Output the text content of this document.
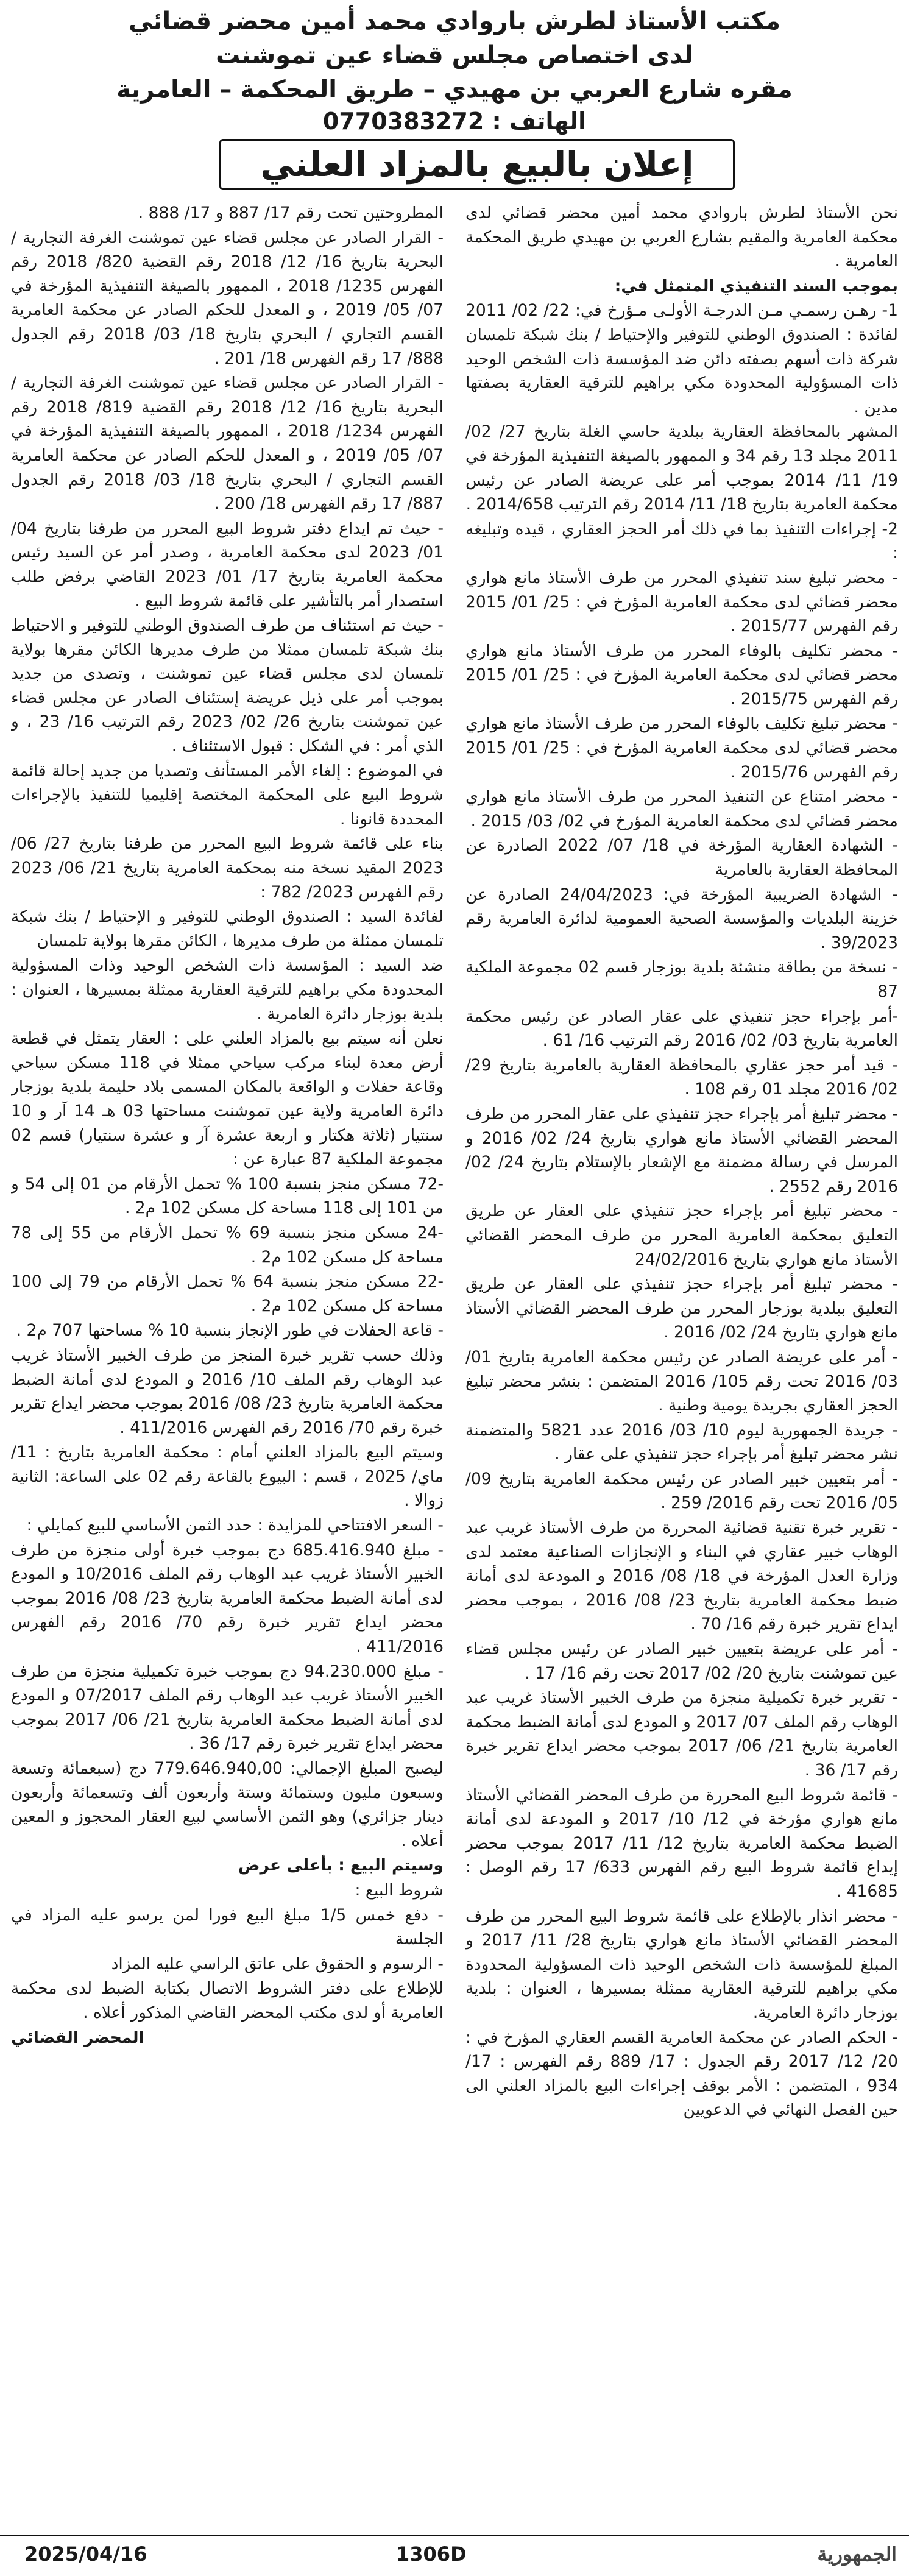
مكتب الأستاذ لطرش باروادي محمد أمين محضر قضائي
لدى اختصاص مجلس قضاء عين تموشنت
مقره شارع العربي بن مهيدي – طريق المحكمة – العامرية
الهاتف : 0770383272
إعلان بالبيع بالمزاد العلني

نحن الأستاذ لطرش باروادي محمد أمين محضر قضائي لدى محكمة العامرية والمقيم بشارع العربي بن مهيدي طريق المحكمة العامرية .

بموجب السند التنفيذي المتمثل في:

1- رهـن رسمـي مـن الدرجـة الأولـى مـؤرخ في: 22/ 02/ 2011 لفائدة : الصندوق الوطني للتوفير والإحتياط / بنك شبكة تلمسان شركة ذات أسهم بصفته دائن ضد المؤسسة ذات الشخص الوحيد ذات المسؤولية المحدودة مكي براهيم للترقية العقارية بصفتها مدين .

المشهر بالمحافظة العقارية ببلدية حاسي الغلة بتاريخ 27/ 02/ 2011 مجلد 13 رقم 34 و الممهور بالصيغة التنفيذية المؤرخة في 19/ 11/ 2014 بموجب أمر على عريضة الصادر عن رئيس محكمة العامرية بتاريخ 18/ 11/ 2014 رقم الترتيب 2014/658 .

2- إجراءات التنفيذ بما في ذلك أمر الحجز العقاري ، قيده وتبليغه :

- محضر تبليغ سند تنفيذي المحرر من طرف الأستاذ مانع هواري محضر قضائي لدى محكمة العامرية المؤرخ في : 25/ 01/ 2015 رقم الفهرس 2015/77 .

- محضر تكليف بالوفاء المحرر من طرف الأستاذ مانع هواري محضر قضائي لدى محكمة العامرية المؤرخ في : 25/ 01/ 2015 رقم الفهرس 2015/75 .

- محضر تبليغ تكليف بالوفاء المحرر من طرف الأستاذ مانع هواري محضر قضائي لدى محكمة العامرية المؤرخ في : 25/ 01/ 2015 رقم الفهرس 2015/76 .

- محضر امتناع عن التنفيذ المحرر من طرف الأستاذ مانع هواري محضر قضائي لدى محكمة العامرية المؤرخ في 02/ 03/ 2015 .

- الشهادة العقارية المؤرخة في 18/ 07/ 2022 الصادرة عن المحافظة العقارية بالعامرية

- الشهادة الضريبية المؤرخة في: 24/04/2023 الصادرة عن خزينة البلديات والمؤسسة الصحية العمومية لدائرة العامرية رقم 39/2023 .

- نسخة من بطاقة منشئة بلدية بوزجار قسم 02 مجموعة الملكية 87

-أمر بإجراء حجز تنفيذي على عقار الصادر عن رئيس محكمة العامرية بتاريخ 03/ 02/ 2016 رقم الترتيب 16/ 61 .

- قيد أمر حجز عقاري بالمحافظة العقارية بالعامرية بتاريخ 29/ 02/ 2016 مجلد 01 رقم 108 .

- محضر تبليغ أمر بإجراء حجز تنفيذي على عقار المحرر من طرف المحضر القضائي الأستاذ مانع هواري بتاريخ 24/ 02/ 2016 و المرسل في رسالة مضمنة مع الإشعار بالإستلام بتاريخ 24/ 02/ 2016 رقم 2552 .

- محضر تبليغ أمر بإجراء حجز تنفيذي على العقار عن طريق التعليق بمحكمة العامرية المحرر من طرف المحضر القضائي الأستاذ مانع هواري بتاريخ 24/02/2016

- محضر تبليغ أمر بإجراء حجز تنفيذي على العقار عن طريق التعليق ببلدية بوزجار المحرر من طرف المحضر القضائي الأستاذ مانع هواري بتاريخ 24/ 02/ 2016 .

- أمر على عريضة الصادر عن رئيس محكمة العامرية بتاريخ 01/ 03/ 2016 تحت رقم 105/ 2016 المتضمن : بنشر محضر تبليغ الحجز العقاري بجريدة يومية وطنية .

- جريدة الجمهورية ليوم 10/ 03/ 2016 عدد 5821 والمتضمنة نشر محضر تبليغ أمر بإجراء حجز تنفيذي على عقار .

- أمر بتعيين خبير الصادر عن رئيس محكمة العامرية بتاريخ 09/ 05/ 2016 تحت رقم 2016/ 259 .

- تقرير خبرة تقنية قضائية المحررة من طرف الأستاذ غريب عبد الوهاب خبير عقاري في البناء و الإنجازات الصناعية معتمد لدى وزارة العدل المؤرخة في 18/ 08/ 2016 و المودعة لدى أمانة ضبط محكمة العامرية بتاريخ 23/ 08/ 2016 ، بموجب محضر ايداع تقرير خبرة رقم 16/ 70 .

- أمر على عريضة بتعيين خبير الصادر عن رئيس مجلس قضاء عين تموشنت بتاريخ 20/ 02/ 2017 تحت رقم 16/ 17 .

- تقرير خبرة تكميلية منجزة من طرف الخبير الأستاذ غريب عبد الوهاب رقم الملف 07/ 2017 و المودع لدى أمانة الضبط محكمة العامرية بتاريخ 21/ 06/ 2017 بموجب محضر ايداع تقرير خبرة رقم 17/ 36 .

- قائمة شروط البيع المحررة من طرف المحضر القضائي الأستاذ مانع هواري مؤرخة في 12/ 10/ 2017 و المودعة لدى أمانة الضبط محكمة العامرية بتاريخ 12/ 11/ 2017 بموجب محضر إيداع قائمة شروط البيع رقم الفهرس 633/ 17 رقم الوصل : 41685 .

- محضر انذار بالإطلاع على قائمة شروط البيع المحرر من طرف المحضر القضائي الأستاذ مانع هواري بتاريخ 28/ 11/ 2017 و المبلغ للمؤسسة ذات الشخص الوحيد ذات المسؤولية المحدودة مكي براهيم للترقية العقارية ممثلة بمسيرها ، العنوان : بلدية بوزجار دائرة العامرية.

- الحكم الصادر عن محكمة العامرية القسم العقاري المؤرخ في : 20/ 12/ 2017 رقم الجدول : 17/ 889 رقم الفهرس : 17/ 934 ، المتضمن : الأمر بوقف إجراءات البيع بالمزاد العلني الى حين الفصل النهائي في الدعويين

المطروحتين تحت رقم 17/ 887 و 17/ 888 .

- القرار الصادر عن مجلس قضاء عين تموشنت الغرفة التجارية / البحرية بتاريخ 16/ 12/ 2018 رقم القضية 820/ 2018 رقم الفهرس 1235/ 2018 ، الممهور بالصيغة التنفيذية المؤرخة في 07/ 05/ 2019 ، و المعدل للحكم الصادر عن محكمة العامرية القسم التجاري / البحري بتاريخ 18/ 03/ 2018 رقم الجدول 888/ 17 رقم الفهرس 18/ 201 .

- القرار الصادر عن مجلس قضاء عين تموشنت الغرفة التجارية / البحرية بتاريخ 16/ 12/ 2018 رقم القضية 819/ 2018 رقم الفهرس 1234/ 2018 ، الممهور بالصيغة التنفيذية المؤرخة في 07/ 05/ 2019 ، و المعدل للحكم الصادر عن محكمة العامرية القسم التجاري / البحري بتاريخ 18/ 03/ 2018 رقم الجدول 887/ 17 رقم الفهرس 18/ 200 .

- حيث تم ايداع دفتر شروط البيع المحرر من طرفنا بتاريخ 04/ 01/ 2023 لدى محكمة العامرية ، وصدر أمر عن السيد رئيس محكمة العامرية بتاريخ 17/ 01/ 2023 القاضي برفض طلب استصدار أمر بالتأشير على قائمة شروط البيع .

- حيث تم استئناف من طرف الصندوق الوطني للتوفير و الاحتياط بنك شبكة تلمسان ممثلا من طرف مديرها الكائن مقرها بولاية تلمسان لدى مجلس قضاء عين تموشنت ، وتصدى من جديد بموجب أمر على ذيل عريضة إستئناف الصادر عن مجلس قضاء عين تموشنت بتاريخ 26/ 02/ 2023 رقم الترتيب 16/ 23 ، و الذي أمر : في الشكل : قبول الاستئناف .

في الموضوع : إلغاء الأمر المستأنف وتصديا من جديد إحالة قائمة شروط البيع على المحكمة المختصة إقليميا للتنفيذ بالإجراءات المحددة قانونا .

بناء على قائمة شروط البيع المحرر من طرفنا بتاريخ 27/ 06/ 2023 المقيد نسخة منه بمحكمة العامرية بتاريخ 21/ 06/ 2023 رقم الفهرس 2023/ 782 :

لفائدة السيد : الصندوق الوطني للتوفير و الإحتياط / بنك شبكة تلمسان ممثلة من طرف مديرها ، الكائن مقرها بولاية تلمسان

ضد السيد : المؤسسة ذات الشخص الوحيد وذات المسؤولية المحدودة مكي براهيم للترقية العقارية ممثلة بمسيرها ، العنوان : بلدية بوزجار دائرة العامرية .

نعلن أنه سيتم بيع بالمزاد العلني على : العقار يتمثل في قطعة أرض معدة لبناء مركب سياحي ممثلا في 118 مسكن سياحي وقاعة حفلات و الواقعة بالمكان المسمى بلاد حليمة بلدية بوزجار دائرة العامرية ولاية عين تموشنت مساحتها 03 هـ 14 آر و 10 سنتيار (ثلاثة هكتار و اربعة عشرة آر و عشرة سنتيار) قسم 02 مجموعة الملكية 87 عبارة عن :

-72 مسكن منجز بنسبة 100 % تحمل الأرقام من 01 إلى 54 و من 101 إلى 118 مساحة كل مسكن 102 م2 .

-24 مسكن منجز بنسبة 69 % تحمل الأرقام من 55 إلى 78 مساحة كل مسكن 102 م2 .

-22 مسكن منجز بنسبة 64 % تحمل الأرقام من 79 إلى 100 مساحة كل مسكن 102 م2 .

- قاعة الحفلات في طور الإنجاز بنسبة 10 % مساحتها 707 م2 .

وذلك حسب تقرير خبرة المنجز من طرف الخبير الأستاذ غريب عبد الوهاب رقم الملف 10/ 2016 و المودع لدى أمانة الضبط محكمة العامرية بتاريخ 23/ 08/ 2016 بموجب محضر ايداع تقرير خبرة رقم 70/ 2016 رقم الفهرس 411/2016 .

وسيتم البيع بالمزاد العلني أمام : محكمة العامرية بتاريخ : 11/ ماي/ 2025 ، قسم : البيوع بالقاعة رقم 02 على الساعة: الثانية زوالا .

- السعر الافتتاحي للمزايدة : حدد الثمن الأساسي للبيع كمايلي :

- مبلغ 685.416.940 دج بموجب خبرة أولى منجزة من طرف الخبير الأستاذ غريب عبد الوهاب رقم الملف 10/2016 و المودع لدى أمانة الضبط محكمة العامرية بتاريخ 23/ 08/ 2016 بموجب محضر ايداع تقرير خبرة رقم 70/ 2016 رقم الفهرس 411/2016 .

- مبلغ 94.230.000 دج بموجب خبرة تكميلية منجزة من طرف الخبير الأستاذ غريب عبد الوهاب رقم الملف 07/2017 و المودع لدى أمانة الضبط محكمة العامرية بتاريخ 21/ 06/ 2017 بموجب محضر ايداع تقرير خبرة رقم 17/ 36 .

ليصبح المبلغ الإجمالي: 779.646.940,00 دج (سبعمائة وتسعة وسبعون مليون وستمائة وستة وأربعون ألف وتسعمائة وأربعون دينار جزائري) وهو الثمن الأساسي لبيع العقار المحجوز و المعين أعلاه .

وسيتم البيع : بأعلى عرض

شروط البيع :

- دفع خمس 1/5 مبلغ البيع فورا لمن يرسو عليه المزاد في الجلسة

- الرسوم و الحقوق على عاتق الراسي عليه المزاد

للإطلاع على دفتر الشروط الاتصال بكتابة الضبط لدى محكمة العامرية أو لدى مكتب المحضر القاضي المذكور أعلاه .

المحضر القضائي

الجمهورية
1306D
2025/04/16
